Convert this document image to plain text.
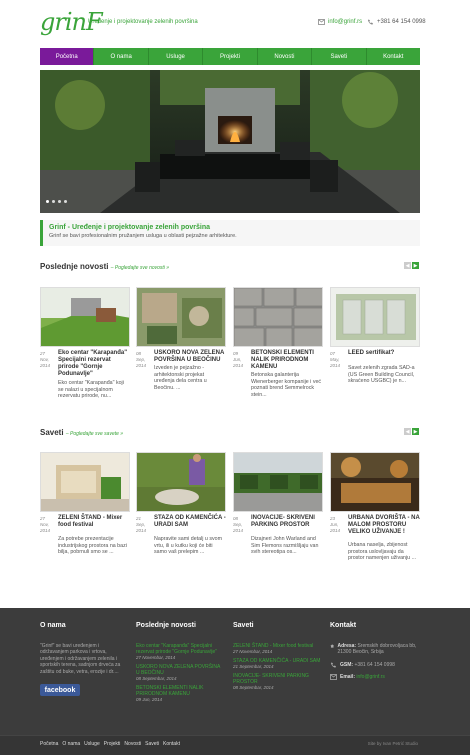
grinF
Uređenje i projektovanje zelenih površina	info@grinf.rs +381 64 154 0998
Početna	O nama	Usluge	Projekti	Novosti	Saveti	Kontakt
Grinf - Uređenje i projektovanje zelenih površina

Grinf se bavi profesionalnim pružanjem usluga u oblasti pejzažne arhitekture.

Poslednje novosti – Pogledajte sve novosti »	◀ ▶
27 Nov, 2014
Eko centar "Karapanđa" Specijalni rezervat prirode "Gornje Podunavlje"
Eko centar "Karapanđa" koji se nalazi u specijalnom rezervatu prirode, nu...
08 Sep, 2014
USKORO NOVA ZELENA POVRŠINA U BEOČINU
Izveden je pejzažno - arhitektonski projekat uređenja dela centra u Beočinu. ...
09 Jun, 2014
BETONSKI ELEMENTI NALIK PRIRODNOM KAMENU
Betonska galanterija Wienerberger kompanije i već poznati brend Semmelrock stein...
07 May, 2014
LEED sertifikat?
Savet zelenih zgrada SAD-a (US Green Building Council, skraćeno USGBC) je n...
Saveti – Pogledajte sve savete »	◀ ▶
27 Nov, 2014
ZELENI ŠTAND - Mixer food festival
Za potrebe prezentacije industrijskog prostora na bazi bilja, pobrnuli smo se ...
21 Sep, 2014
STAZA OD KAMENČIĆA - URADI SAM
Napravite sami detalj u svom vrtu, ili u kutku koji će biti samo vaš prelepim ...
08 Sep, 2014
INOVACIJE- SKRIVENI PARKING PROSTOR
Dizajneri John Warland and Sim Flemons razmišljaju van svih stereotipa os...
23 Jun, 2014
URBANA DVORIŠTA - NA MALOM PROSTORU VELIKO UŽIVANJE !
Urbana naselja, zbijenost prostora uslovljavaju da prostor namenjen uživanju ...
O nama
"Grinf" se bavi uređenjem i održavanjem parkova i vrtova, uređenjem i održavanjem zelenila i sportskih terena, sadnjom drveća za zaštitu od buke, vetra, erozije i dr....
Poslednje novosti
Eko centar "Karapanđa" Specijalni rezervat prirode "Gornje Podunavlje"
27 Novembar, 2014
USKORO NOVA ZELENA POVRŠINA U BEOČINU
08 Septembar, 2014
BETONSKI ELEMENTI NALIK PRIRODNOM KAMENU
09 Jun, 2014
Saveti
ZELENI ŠTAND - Mixer food festival
27 Novembar, 2014
STAZA OD KAMENČIĆA - URADI SAM
21 Septembar, 2014
INOVACIJE- SKRIVENI PARKING PROSTOR
08 Septembar, 2014
Kontakt
Adresa: Sremskih dobrovoljaca bb, 21300 Beočin, Srbija
GSM: +381 64 154 0998
Email: info@grinf.rs
facebook
Početna O nama Usluge Projekti Novosti Saveti Kontakt	Site by Ivan Petrić Studio
